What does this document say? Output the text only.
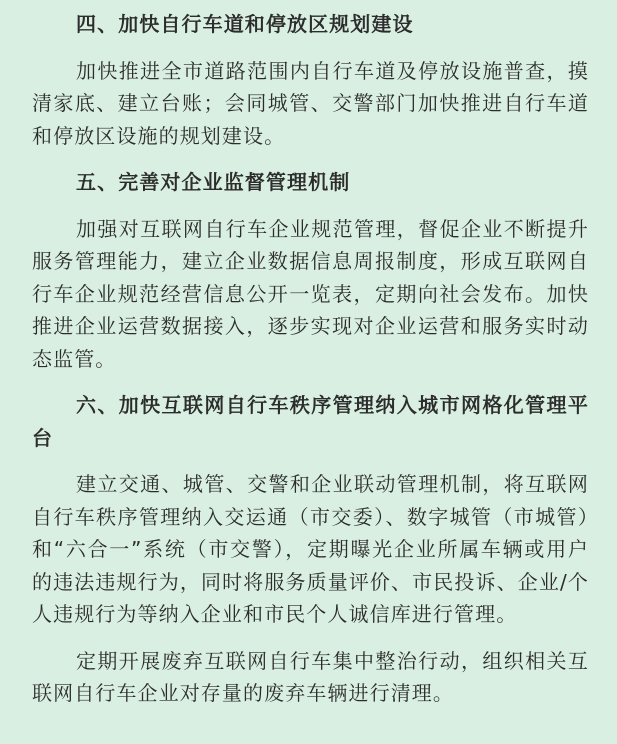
四、加快自行车道和停放区规划建设

加快推进全市道路范围内自行车道及停放设施普查，摸清家底、建立台账；会同城管、交警部门加快推进自行车道和停放区设施的规划建设。

五、完善对企业监督管理机制

加强对互联网自行车企业规范管理，督促企业不断提升服务管理能力，建立企业数据信息周报制度，形成互联网自行车企业规范经营信息公开一览表，定期向社会发布。加快推进企业运营数据接入，逐步实现对企业运营和服务实时动态监管。

六、加快互联网自行车秩序管理纳入城市网格化管理平台

建立交通、城管、交警和企业联动管理机制，将互联网自行车秩序管理纳入交运通（市交委）、数字城管（市城管）和“六合一”系统（市交警），定期曝光企业所属车辆或用户的违法违规行为，同时将服务质量评价、市民投诉、企业/个人违规行为等纳入企业和市民个人诚信库进行管理。

定期开展废弃互联网自行车集中整治行动，组织相关互联网自行车企业对存量的废弃车辆进行清理。
